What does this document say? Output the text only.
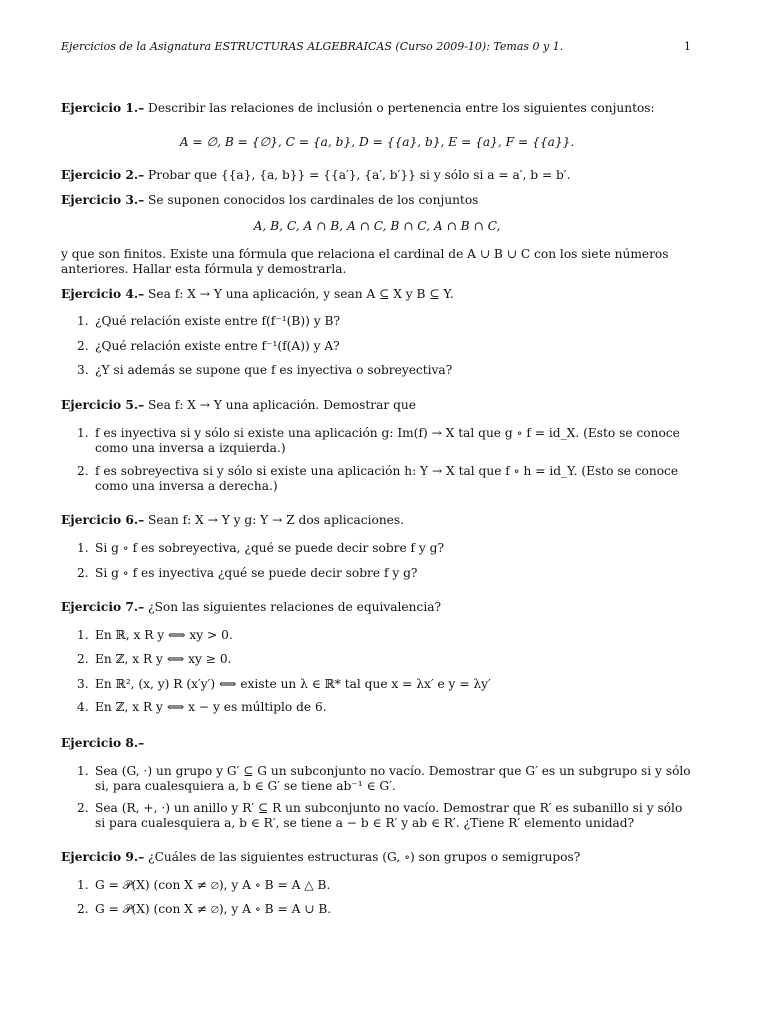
Ejercicios de la Asignatura ESTRUCTURAS ALGEBRAICAS (Curso 2009-10): Temas 0 y 1.	1
Ejercicio 1.– Describir las relaciones de inclusión o pertenencia entre los siguientes conjuntos:
A = ∅, B = {∅}, C = {a, b}, D = {{a}, b}, E = {a}, F = {{a}}.
Ejercicio 2.– Probar que {{a}, {a, b}} = {{a′}, {a′, b′}} si y sólo si a = a′, b = b′.
Ejercicio 3.– Se suponen conocidos los cardinales de los conjuntos
A, B, C, A ∩ B, A ∩ C, B ∩ C, A ∩ B ∩ C,
y que son finitos. Existe una fórmula que relaciona el cardinal de A ∪ B ∪ C con los siete números anteriores. Hallar esta fórmula y demostrarla.
Ejercicio 4.– Sea f: X → Y una aplicación, y sean A ⊆ X y B ⊆ Y.
1. ¿Qué relación existe entre f(f⁻¹(B)) y B?
2. ¿Qué relación existe entre f⁻¹(f(A)) y A?
3. ¿Y si además se supone que f es inyectiva o sobreyectiva?
Ejercicio 5.– Sea f: X → Y una aplicación. Demostrar que
1. f es inyectiva si y sólo si existe una aplicación g: Im(f) → X tal que g ∘ f = id_X. (Esto se conoce como una inversa a izquierda.)
2. f es sobreyectiva si y sólo si existe una aplicación h: Y → X tal que f ∘ h = id_Y. (Esto se conoce como una inversa a derecha.)
Ejercicio 6.– Sean f: X → Y y g: Y → Z dos aplicaciones.
1. Si g ∘ f es sobreyectiva, ¿qué se puede decir sobre f y g?
2. Si g ∘ f es inyectiva ¿qué se puede decir sobre f y g?
Ejercicio 7.– ¿Son las siguientes relaciones de equivalencia?
1. En ℝ, x R y ⟺ xy > 0.
2. En ℤ, x R y ⟺ xy ≥ 0.
3. En ℝ², (x, y) R (x′y′) ⟺ existe un λ ∈ ℝ* tal que x = λx′ e y = λy′
4. En ℤ, x R y ⟺ x − y es múltiplo de 6.
Ejercicio 8.–
1. Sea (G, ·) un grupo y G′ ⊆ G un subconjunto no vacío. Demostrar que G′ es un subgrupo si y sólo si, para cualesquiera a, b ∈ G′ se tiene ab⁻¹ ∈ G′.
2. Sea (R, +, ·) un anillo y R′ ⊆ R un subconjunto no vacío. Demostrar que R′ es subanillo si y sólo si para cualesquiera a, b ∈ R′, se tiene a − b ∈ R′ y ab ∈ R′. ¿Tiene R′ elemento unidad?
Ejercicio 9.– ¿Cuáles de las siguientes estructuras (G, ∘) son grupos o semigrupos?
1. G = 𝒫(X) (con X ≠ ∅), y A ∘ B = A △ B.
2. G = 𝒫(X) (con X ≠ ∅), y A ∘ B = A ∪ B.
